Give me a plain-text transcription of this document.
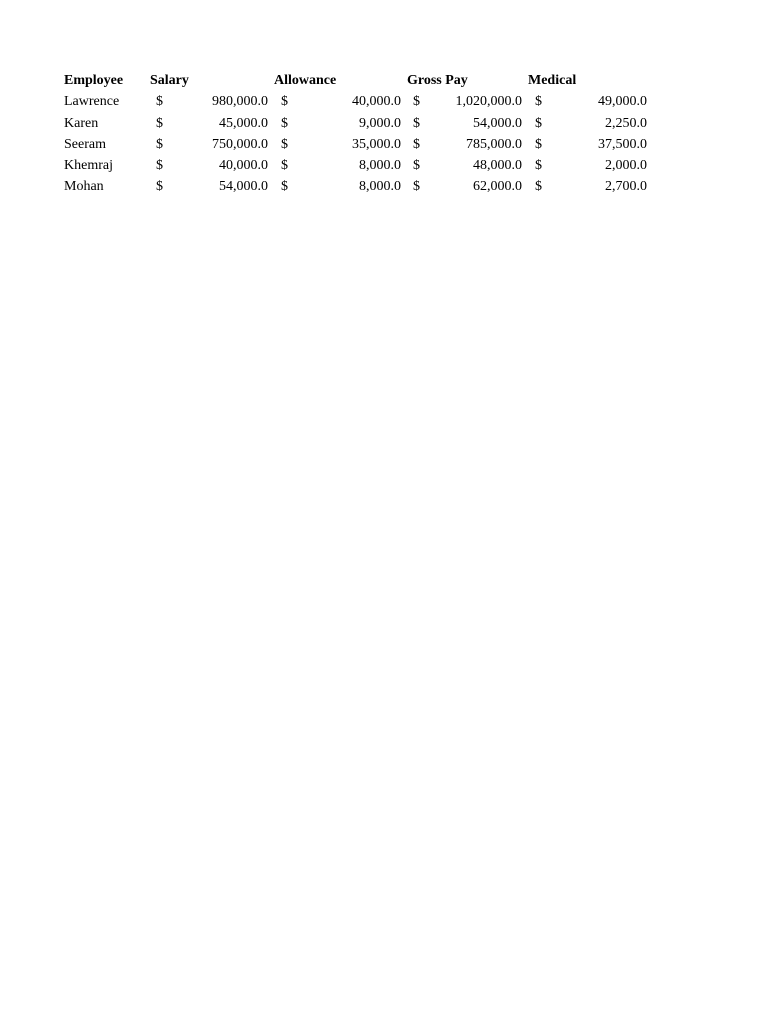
Employee Salary	Allowance	Gross Pay	Medical
Lawrence	$	980,000.0 $	40,000.0 $	1,020,000.0 $	49,000.0
Karen	$	45,000.0 $	9,000.0 $	54,000.0 $	2,250.0
Seeram	$	750,000.0 $	35,000.0 $	785,000.0 $	37,500.0
Khemraj	$	40,000.0 $	8,000.0 $	48,000.0 $	2,000.0
Mohan	$	54,000.0 $	8,000.0 $	62,000.0 $	2,700.0
